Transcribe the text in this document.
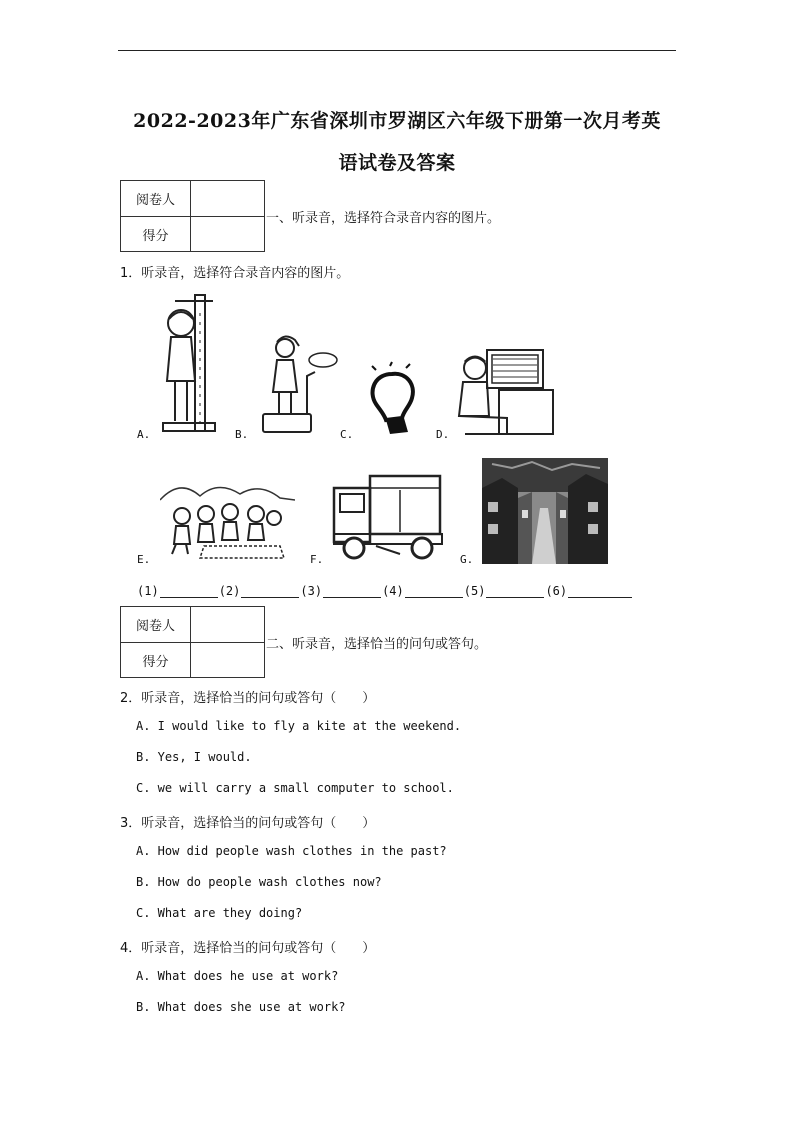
2022-2023年广东省深圳市罗湖区六年级下册第一次月考英
语试卷及答案
阅卷人
得分
一、听录音，选择符合录音内容的图片。
1．听录音，选择符合录音内容的图片。
A.	B.	C.	D.
E.	F.	G.
(1)	(2)	(3)	(4)	(5)	(6)
阅卷人
得分
二、听录音，选择恰当的问句或答句。
2．听录音，选择恰当的问句或答句（　　）
A. I would like to fly a kite at the weekend.
B. Yes, I would.
C. we will carry a small computer to school.
3．听录音，选择恰当的问句或答句（　　）
A. How did people wash clothes in the past?
B. How do people wash clothes now?
C. What are they doing?
4．听录音，选择恰当的问句或答句（　　）
A. What does he use at work?
B. What does she use at work?
